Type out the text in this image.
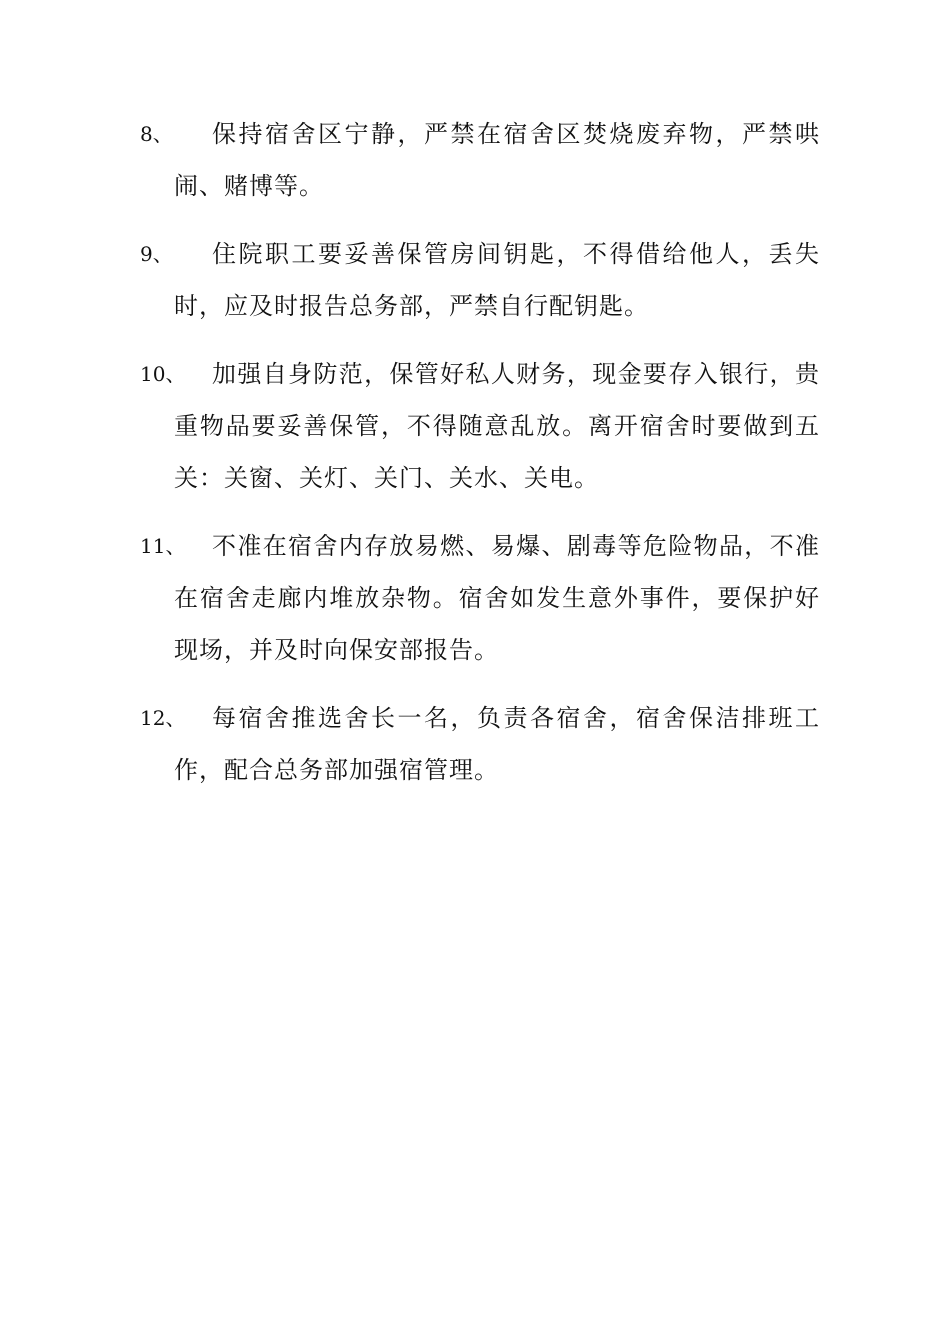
8、	保持宿舍区宁静，严禁在宿舍区焚烧废弃物，严禁哄闹、赌博等。
9、	住院职工要妥善保管房间钥匙，不得借给他人，丢失时，应及时报告总务部，严禁自行配钥匙。
10、	加强自身防范，保管好私人财务，现金要存入银行，贵重物品要妥善保管，不得随意乱放。离开宿舍时要做到五关：关窗、关灯、关门、关水、关电。
11、	不准在宿舍内存放易燃、易爆、剧毒等危险物品，不准在宿舍走廊内堆放杂物。宿舍如发生意外事件，要保护好现场，并及时向保安部报告。
12、	每宿舍推选舍长一名，负责各宿舍，宿舍保洁排班工作，配合总务部加强宿管理。
